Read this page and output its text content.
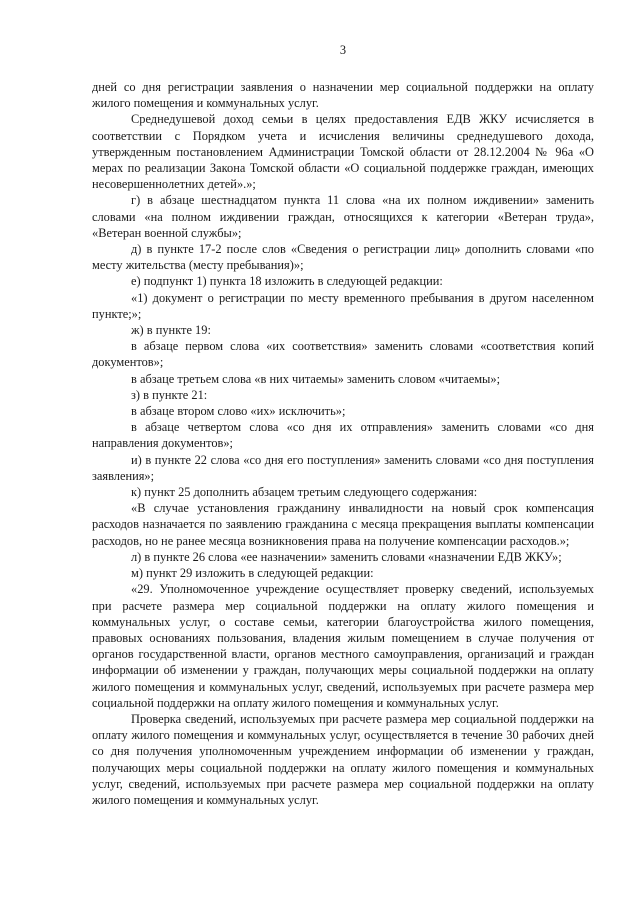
3

дней со дня регистрации заявления о назначении мер социальной поддержки на оплату жилого помещения и коммунальных услуг.

Среднедушевой доход семьи в целях предоставления ЕДВ ЖКУ исчисляется в соответствии с Порядком учета и исчисления величины среднедушевого дохода, утвержденным постановлением Администрации Томской области от 28.12.2004 № 96а «О мерах по реализации Закона Томской области «О социальной поддержке граждан, имеющих несовершеннолетних детей».»;

г) в абзаце шестнадцатом пункта 11 слова «на их полном иждивении» заменить словами «на полном иждивении граждан, относящихся к категории «Ветеран труда», «Ветеран военной службы»;

д) в пункте 17-2 после слов «Сведения о регистрации лиц» дополнить словами «по месту жительства (месту пребывания)»;

е) подпункт 1) пункта 18 изложить в следующей редакции:

«1) документ о регистрации по месту временного пребывания в другом населенном пункте;»;

ж) в пункте 19:

в абзаце первом слова «их соответствия» заменить словами «соответствия копий документов»;

в абзаце третьем слова «в них читаемы» заменить словом «читаемы»;

з) в пункте 21:

в абзаце втором слово «их» исключить»;

в абзаце четвертом слова «со дня их отправления» заменить словами «со дня направления документов»;

и) в пункте 22 слова «со дня его поступления» заменить словами «со дня поступления заявления»;

к) пункт 25 дополнить абзацем третьим следующего содержания:

«В случае установления гражданину инвалидности на новый срок компенсация расходов назначается по заявлению гражданина с месяца прекращения выплаты компенсации расходов, но не ранее месяца возникновения права на получение компенсации расходов.»;

л) в пункте 26 слова «ее назначении» заменить словами «назначении ЕДВ ЖКУ»;

м) пункт 29 изложить в следующей редакции:

«29. Уполномоченное учреждение осуществляет проверку сведений, используемых при расчете размера мер социальной поддержки на оплату жилого помещения и коммунальных услуг, о составе семьи, категории благоустройства жилого помещения, правовых основаниях пользования, владения жилым помещением в случае получения от органов государственной власти, органов местного самоуправления, организаций и граждан информации об изменении у граждан, получающих меры социальной поддержки на оплату жилого помещения и коммунальных услуг, сведений, используемых при расчете размера мер социальной поддержки на оплату жилого помещения и коммунальных услуг.

Проверка сведений, используемых при расчете размера мер социальной поддержки на оплату жилого помещения и коммунальных услуг, осуществляется в течение 30 рабочих дней со дня получения уполномоченным учреждением информации об изменении у граждан, получающих меры социальной поддержки на оплату жилого помещения и коммунальных услуг, сведений, используемых при расчете размера мер социальной поддержки на оплату жилого помещения и коммунальных услуг.
